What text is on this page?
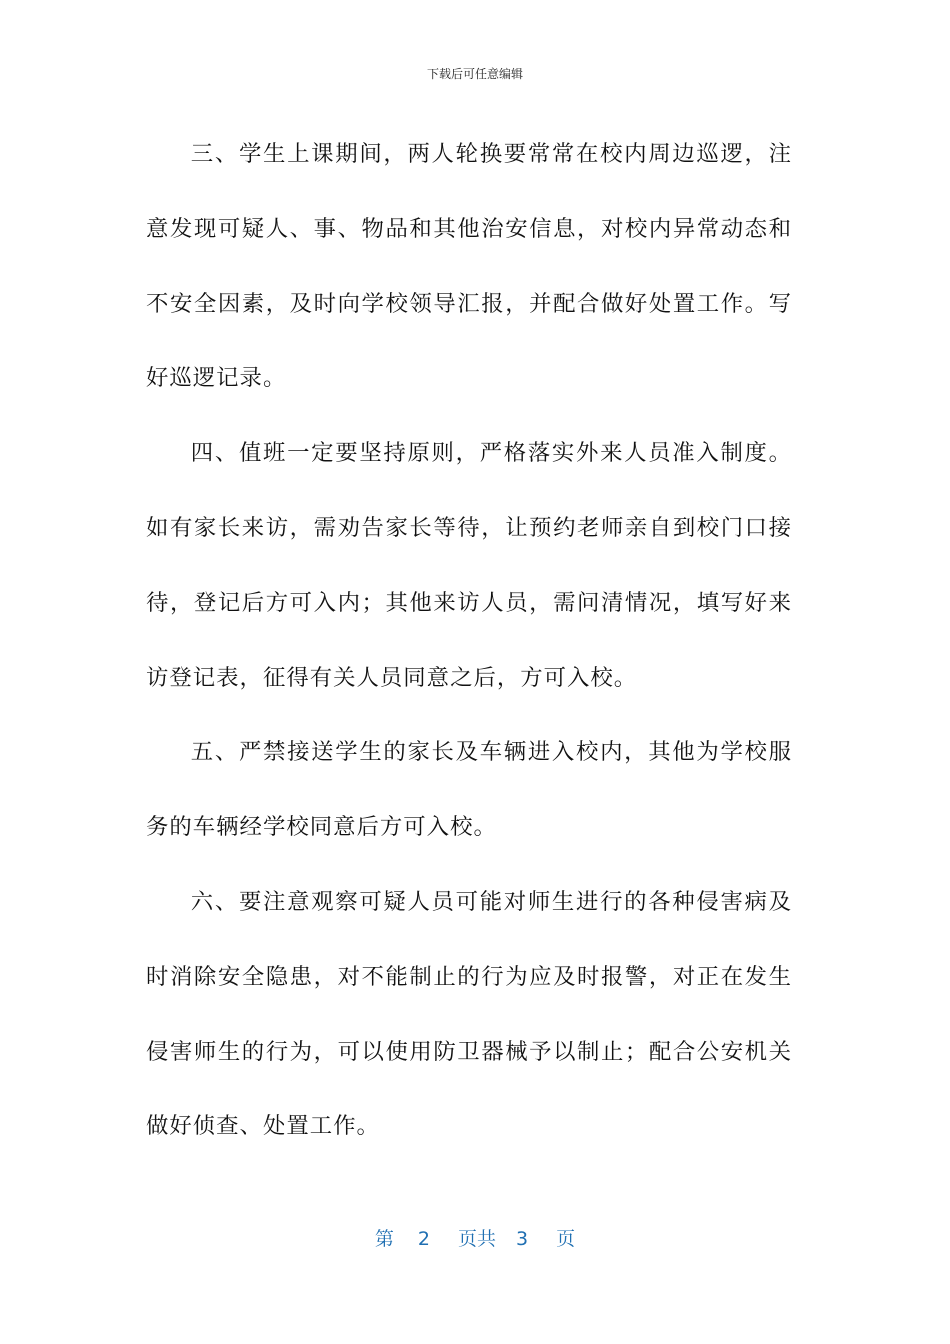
下载后可任意编辑

三、学生上课期间，两人轮换要常常在校内周边巡逻，注意发现可疑人、事、物品和其他治安信息，对校内异常动态和不安全因素，及时向学校领导汇报，并配合做好处置工作。写好巡逻记录。

四、值班一定要坚持原则，严格落实外来人员准入制度。如有家长来访，需劝告家长等待，让预约老师亲自到校门口接待，登记后方可入内；其他来访人员，需问清情况，填写好来访登记表，征得有关人员同意之后，方可入校。

五、严禁接送学生的家长及车辆进入校内，其他为学校服务的车辆经学校同意后方可入校。

六、要注意观察可疑人员可能对师生进行的各种侵害病及时消除安全隐患，对不能制止的行为应及时报警，对正在发生侵害师生的行为，可以使用防卫器械予以制止；配合公安机关做好侦查、处置工作。

第 2 页共 3 页
